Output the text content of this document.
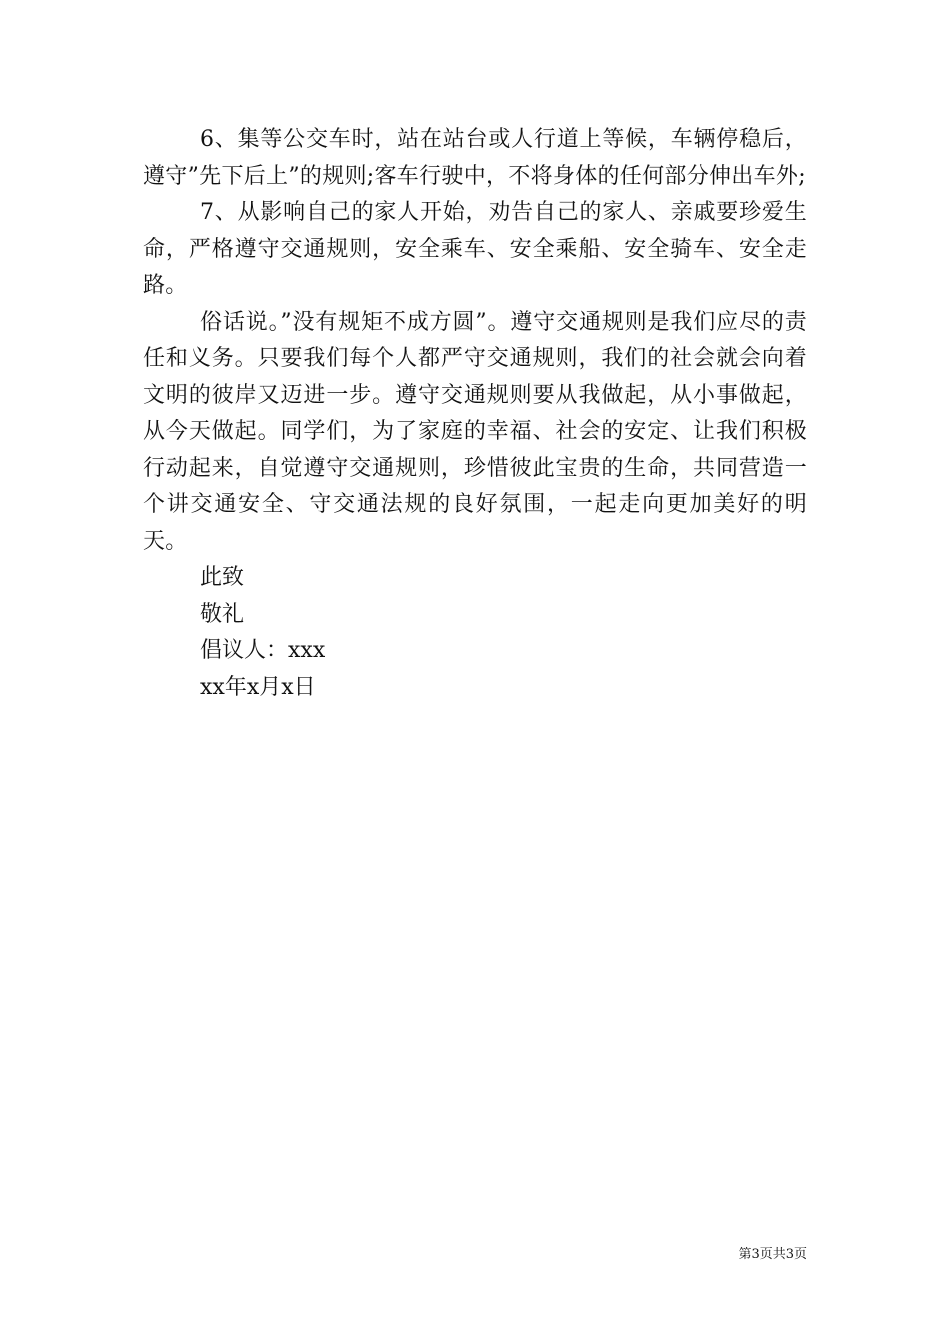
6、集等公交车时，站在站台或人行道上等候，车辆停稳后，遵守”先下后上”的规则;客车行驶中，不将身体的任何部分伸出车外;

7、从影响自己的家人开始，劝告自己的家人、亲戚要珍爱生命，严格遵守交通规则，安全乘车、安全乘船、安全骑车、安全走路。

俗话说。”没有规矩不成方圆”。遵守交通规则是我们应尽的责任和义务。只要我们每个人都严守交通规则，我们的社会就会向着文明的彼岸又迈进一步。遵守交通规则要从我做起，从小事做起，从今天做起。同学们，为了家庭的幸福、社会的安定、让我们积极行动起来，自觉遵守交通规则，珍惜彼此宝贵的生命，共同营造一个讲交通安全、守交通法规的良好氛围，一起走向更加美好的明天。

此致

敬礼

倡议人：xxx

xx年x月x日

第3页共3页
